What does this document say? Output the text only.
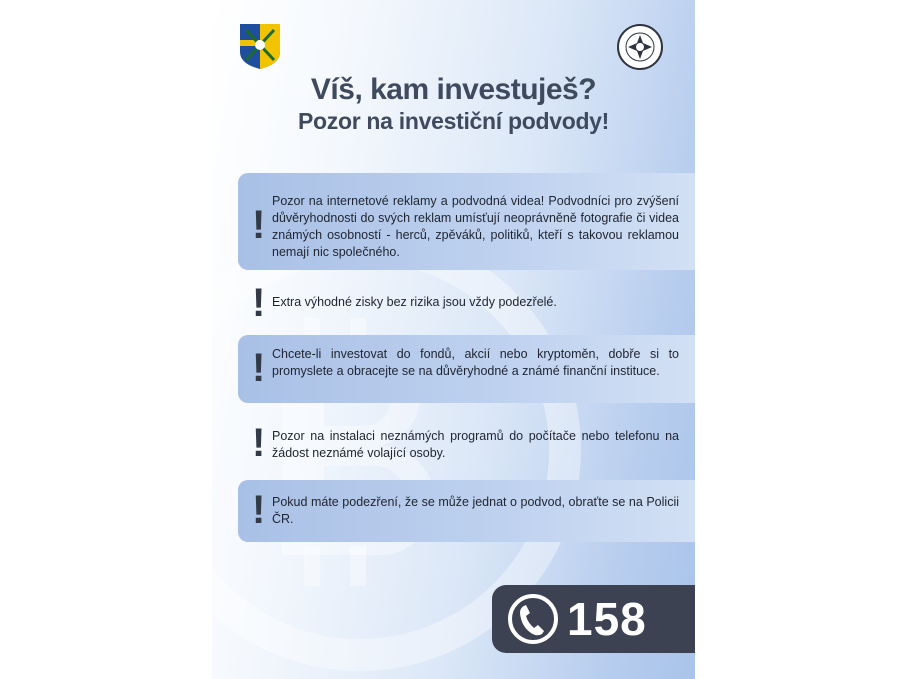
Víš, kam investuješ?
Pozor na investiční podvody!
!

Pozor na internetové reklamy a podvodná videa! Podvodníci pro zvýšení důvěryhodnosti do svých reklam umísťují neoprávněně fotografie či videa známých osobností - herců, zpěváků, politiků, kteří s takovou reklamou nemají nic společného.

! Extra výhodné zisky bez rizika jsou vždy podezřelé.

! Chcete-li investovat do fondů, akcií nebo kryptoměn, dobře si to promyslete a obracejte se na důvěryhodné a známé finanční instituce.

! Pozor na instalaci neznámých programů do počítače nebo telefonu na žádost neznámé volající osoby.

! Pokud máte podezření, že se může jednat o podvod, obraťte se na Policii ČR.

158
